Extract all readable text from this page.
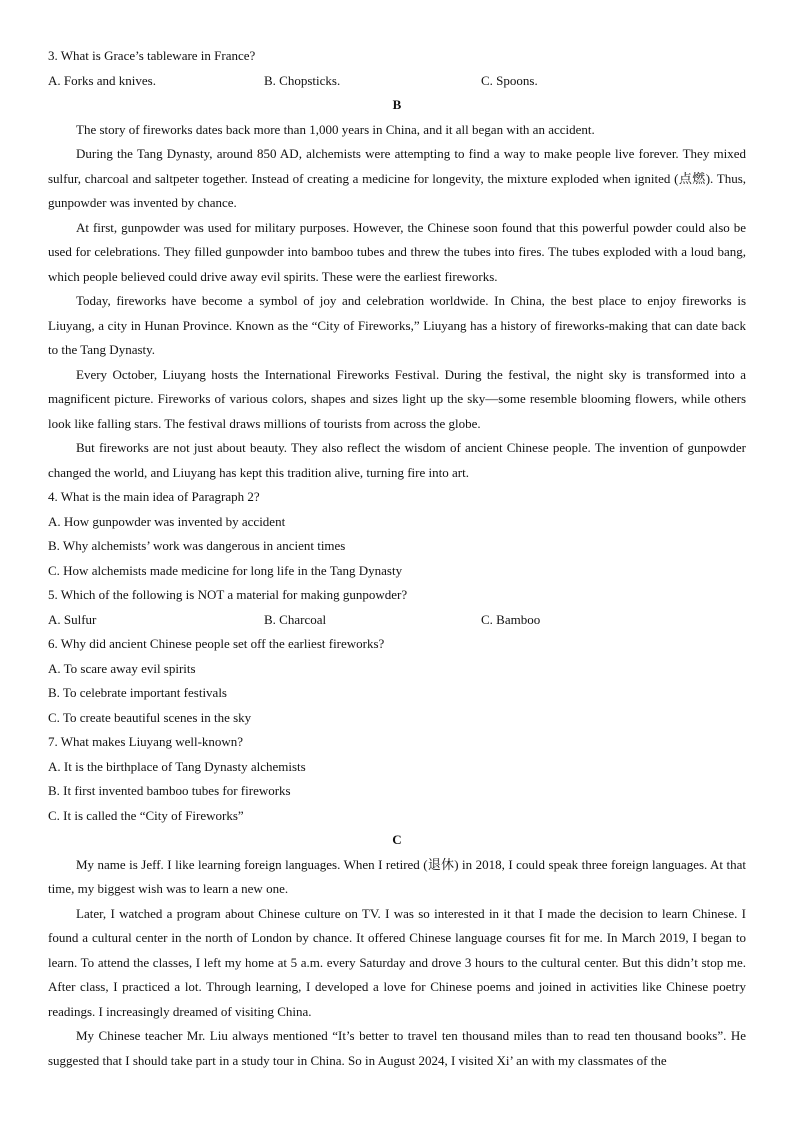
3. What is Grace’s tableware in France?
A. Forks and knives.	B. Chopsticks.	C. Spoons.
B
The story of fireworks dates back more than 1,000 years in China, and it all began with an accident.
During the Tang Dynasty, around 850 AD, alchemists were attempting to find a way to make people live forever. They mixed sulfur, charcoal and saltpeter together. Instead of creating a medicine for longevity, the mixture exploded when ignited (点燃). Thus, gunpowder was invented by chance.
At first, gunpowder was used for military purposes. However, the Chinese soon found that this powerful powder could also be used for celebrations. They filled gunpowder into bamboo tubes and threw the tubes into fires. The tubes exploded with a loud bang, which people believed could drive away evil spirits. These were the earliest fireworks.
Today, fireworks have become a symbol of joy and celebration worldwide. In China, the best place to enjoy fireworks is Liuyang, a city in Hunan Province. Known as the “City of Fireworks,” Liuyang has a history of fireworks-making that can date back to the Tang Dynasty.
Every October, Liuyang hosts the International Fireworks Festival. During the festival, the night sky is transformed into a magnificent picture. Fireworks of various colors, shapes and sizes light up the sky—some resemble blooming flowers, while others look like falling stars. The festival draws millions of tourists from across the globe.
But fireworks are not just about beauty. They also reflect the wisdom of ancient Chinese people. The invention of gunpowder changed the world, and Liuyang has kept this tradition alive, turning fire into art.
4. What is the main idea of Paragraph 2?
A. How gunpowder was invented by accident
B. Why alchemists’ work was dangerous in ancient times
C. How alchemists made medicine for long life in the Tang Dynasty
5. Which of the following is NOT a material for making gunpowder?
A. Sulfur	B. Charcoal	C. Bamboo
6. Why did ancient Chinese people set off the earliest fireworks?
A. To scare away evil spirits
B. To celebrate important festivals
C. To create beautiful scenes in the sky
7. What makes Liuyang well-known?
A. It is the birthplace of Tang Dynasty alchemists
B. It first invented bamboo tubes for fireworks
C. It is called the “City of Fireworks”
C
My name is Jeff. I like learning foreign languages. When I retired (退休) in 2018, I could speak three foreign languages. At that time, my biggest wish was to learn a new one.
Later, I watched a program about Chinese culture on TV. I was so interested in it that I made the decision to learn Chinese. I found a cultural center in the north of London by chance. It offered Chinese language courses fit for me. In March 2019, I began to learn. To attend the classes, I left my home at 5 a.m. every Saturday and drove 3 hours to the cultural center. But this didn’t stop me. After class, I practiced a lot. Through learning, I developed a love for Chinese poems and joined in activities like Chinese poetry readings. I increasingly dreamed of visiting China.
My Chinese teacher Mr. Liu always mentioned “It’s better to travel ten thousand miles than to read ten thousand books”. He suggested that I should take part in a study tour in China. So in August 2024, I visited Xi’ an with my classmates of the
